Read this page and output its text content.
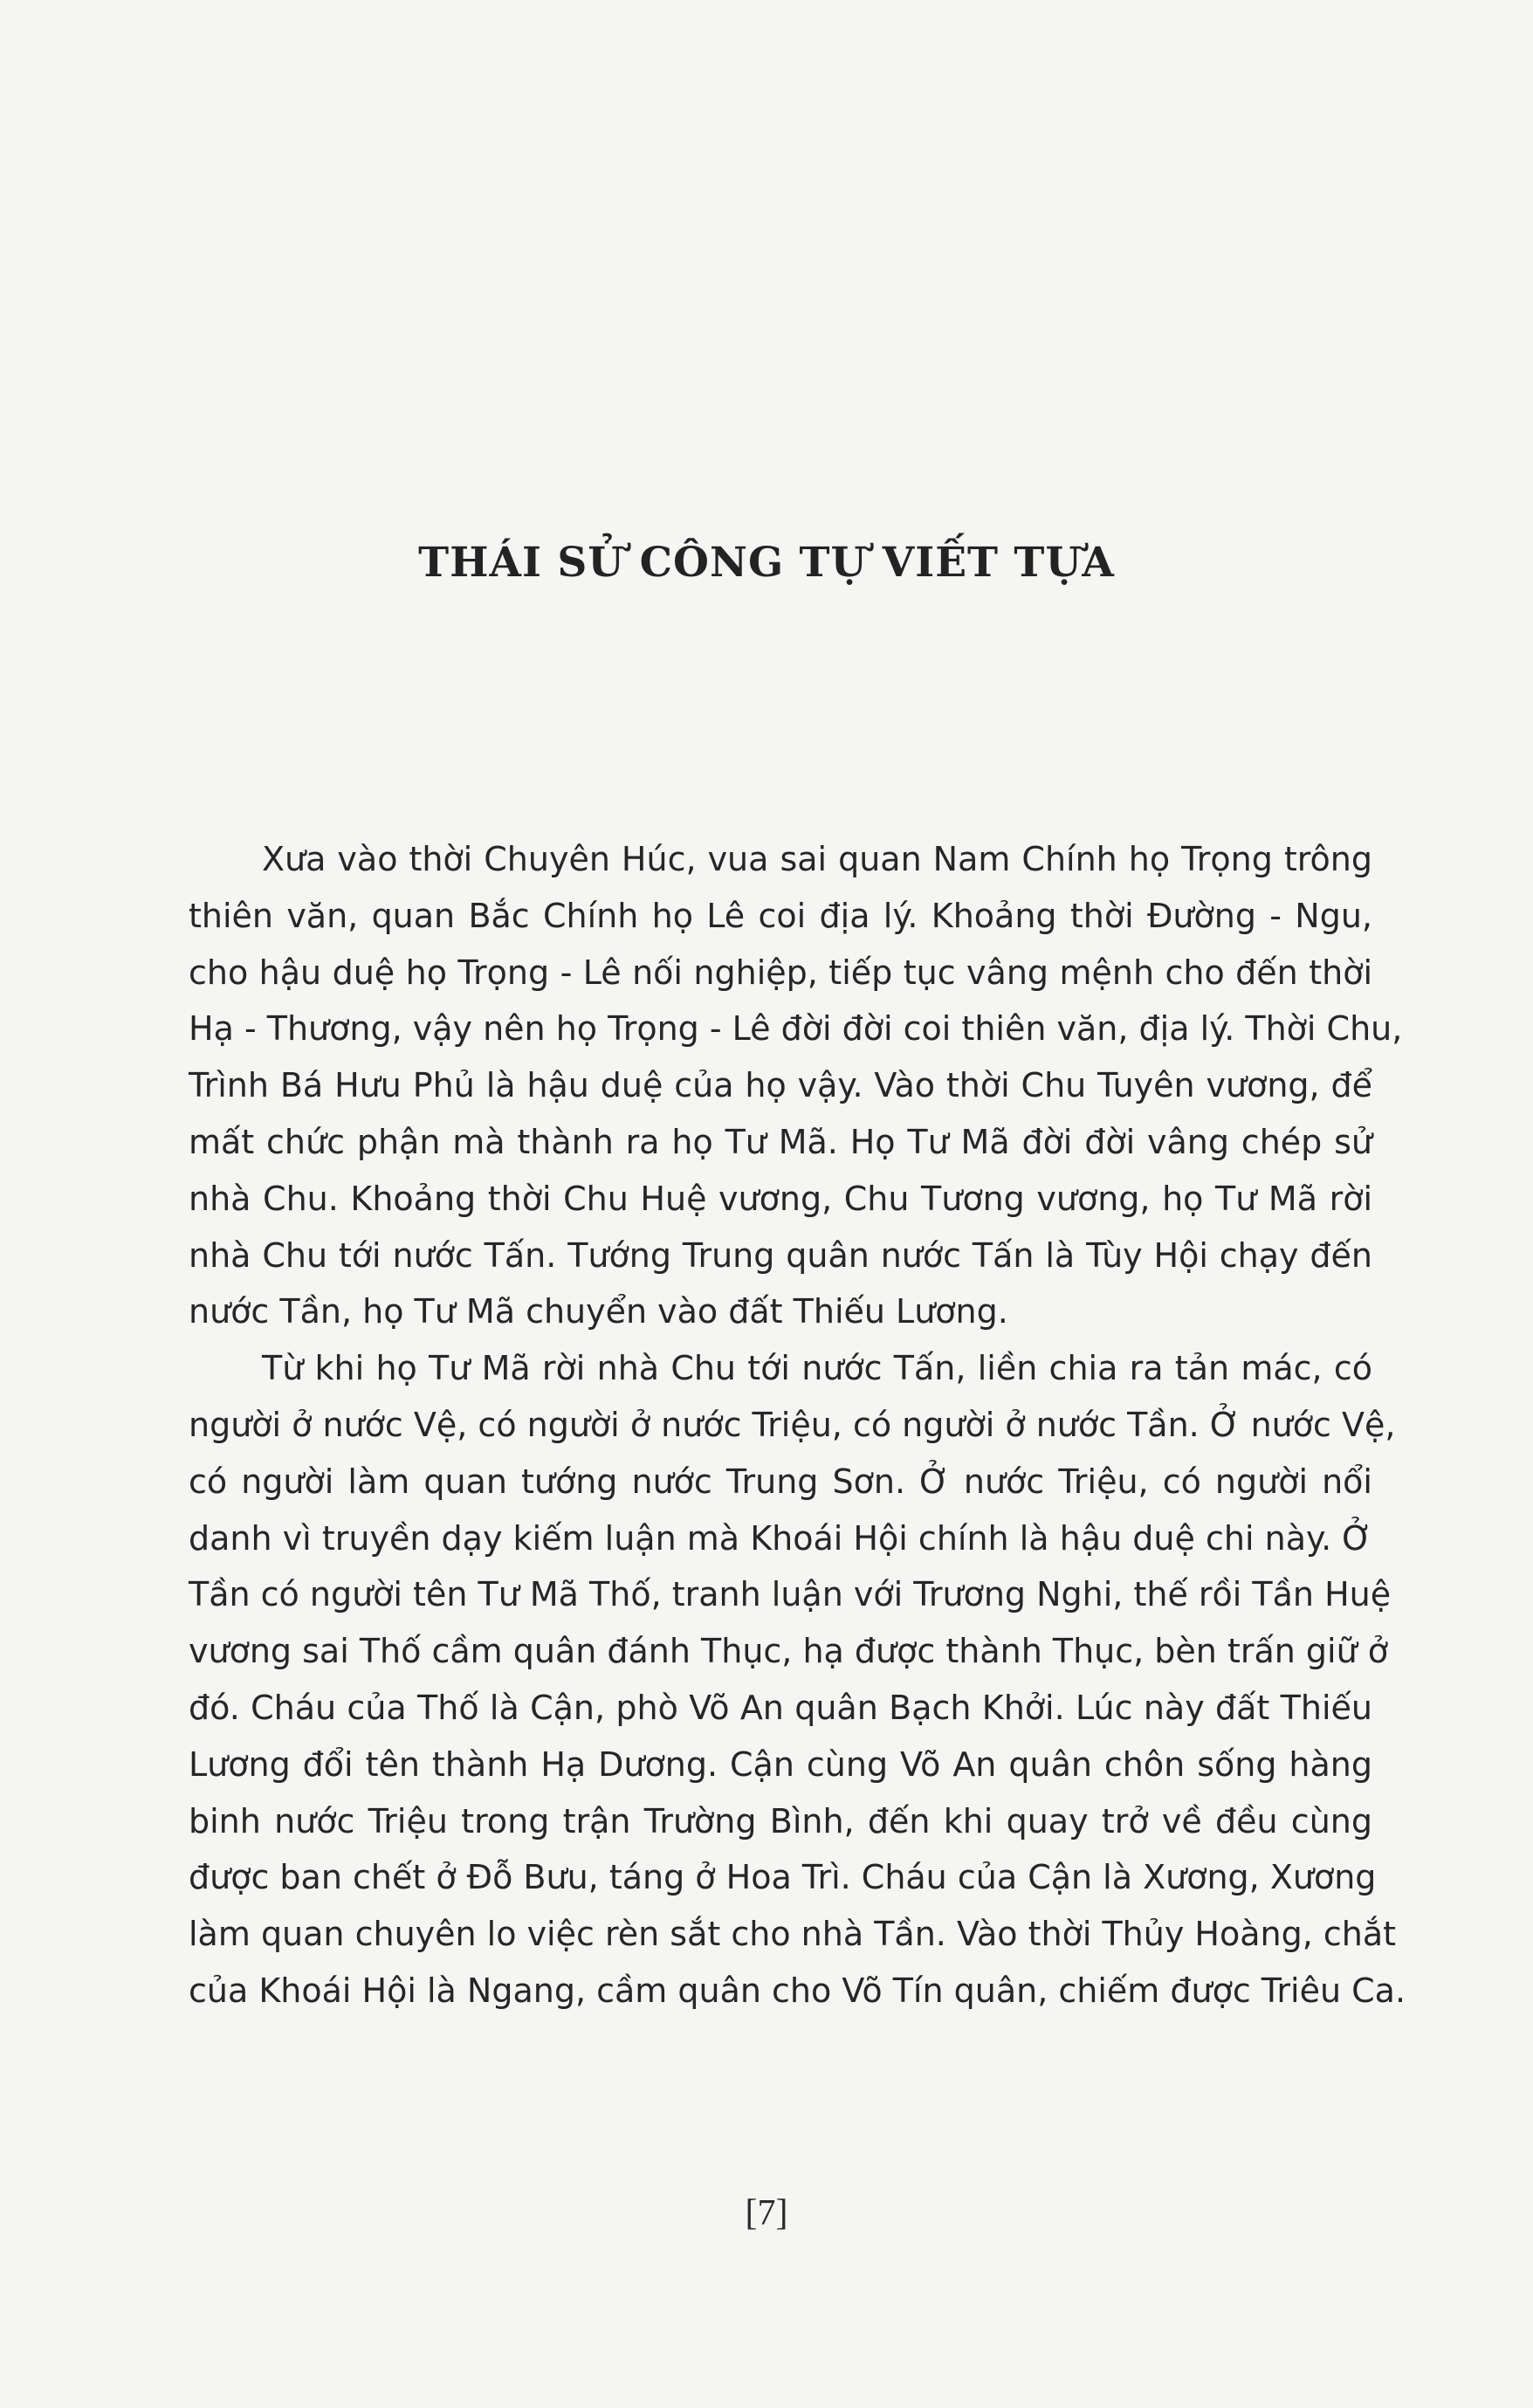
THÁI SỬ CÔNG TỰ VIẾT TỰA
Xưa vào thời Chuyên Húc, vua sai quan Nam Chính họ Trọng trông
thiên văn, quan Bắc Chính họ Lê coi địa lý. Khoảng thời Đường - Ngu,
cho hậu duệ họ Trọng - Lê nối nghiệp, tiếp tục vâng mệnh cho đến thời
Hạ - Thương, vậy nên họ Trọng - Lê đời đời coi thiên văn, địa lý. Thời Chu,
Trình Bá Hưu Phủ là hậu duệ của họ vậy. Vào thời Chu Tuyên vương, để
mất chức phận mà thành ra họ Tư Mã. Họ Tư Mã đời đời vâng chép sử
nhà Chu. Khoảng thời Chu Huệ vương, Chu Tương vương, họ Tư Mã rời
nhà Chu tới nước Tấn. Tướng Trung quân nước Tấn là Tùy Hội chạy đến
nước Tần, họ Tư Mã chuyển vào đất Thiếu Lương.
Từ khi họ Tư Mã rời nhà Chu tới nước Tấn, liền chia ra tản mác, có
người ở nước Vệ, có người ở nước Triệu, có người ở nước Tần. Ở nước Vệ,
có người làm quan tướng nước Trung Sơn. Ở nước Triệu, có người nổi
danh vì truyền dạy kiếm luận mà Khoái Hội chính là hậu duệ chi này. Ở
Tần có người tên Tư Mã Thố, tranh luận với Trương Nghi, thế rồi Tần Huệ
vương sai Thố cầm quân đánh Thục, hạ được thành Thục, bèn trấn giữ ở
đó. Cháu của Thố là Cận, phò Võ An quân Bạch Khởi. Lúc này đất Thiếu
Lương đổi tên thành Hạ Dương. Cận cùng Võ An quân chôn sống hàng
binh nước Triệu trong trận Trường Bình, đến khi quay trở về đều cùng
được ban chết ở Đỗ Bưu, táng ở Hoa Trì. Cháu của Cận là Xương, Xương
làm quan chuyên lo việc rèn sắt cho nhà Tần. Vào thời Thủy Hoàng, chắt
của Khoái Hội là Ngang, cầm quân cho Võ Tín quân, chiếm được Triêu Ca.
[7]
